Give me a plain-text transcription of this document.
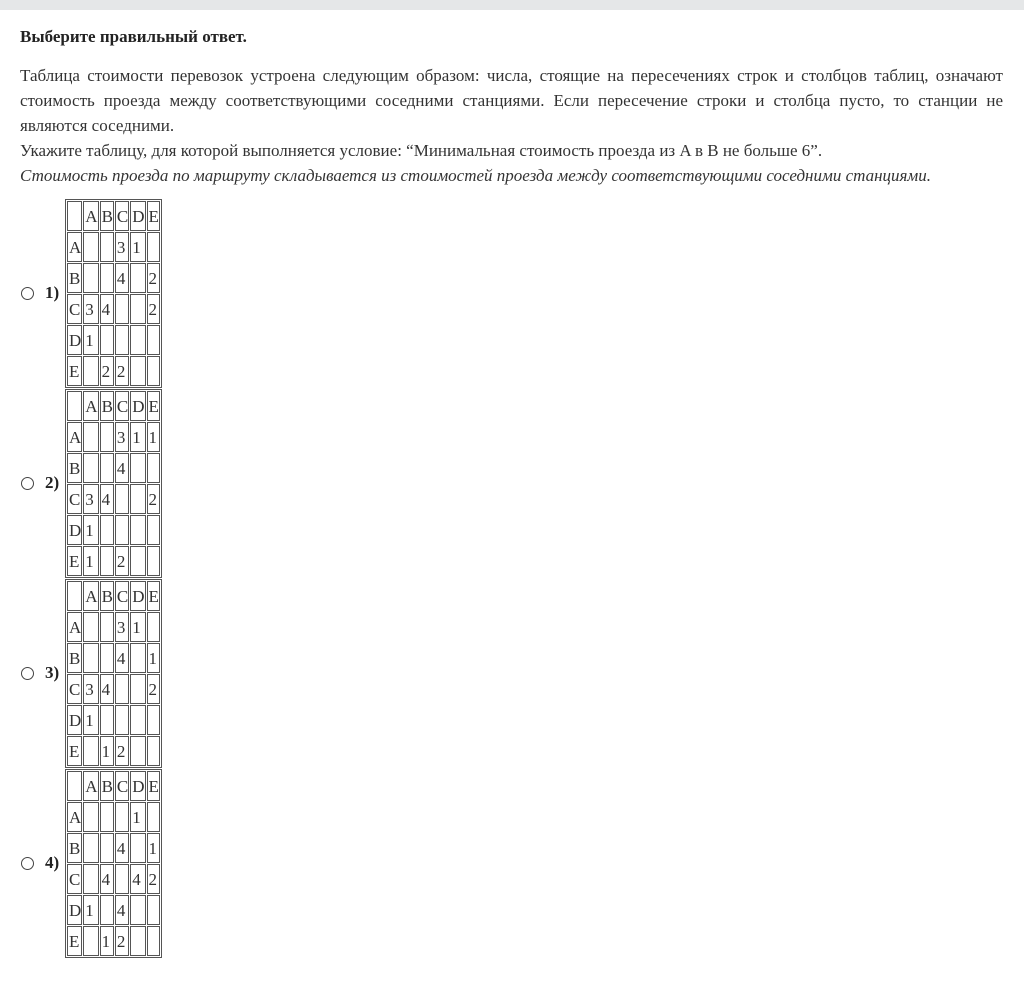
Выберите правильный ответ.

Таблица стоимости перевозок устроена следующим образом: числа, стоящие на пересечениях строк и столбцов таблиц, означают стоимость проезда между соответствующими соседними станциями. Если пересечение строки и столбца пусто, то станции не являются соседними.
Укажите таблицу, для которой выполняется условие: “Минимальная стоимость проезда из A в B не больше 6”.
Стоимость проезда по маршруту складывается из стоимостей проезда между соответствующими соседними станциями.
1)
	A	B	C	D	E
A			3	1	
B			4		2
C	3	4			2
D	1				
E		2	2		
2)
	A	B	C	D	E
A			3	1	1
B			4		
C	3	4			2
D	1				
E	1		2		
3)
	A	B	C	D	E
A			3	1	
B			4		1
C	3	4			2
D	1				
E		1	2		
4)
	A	B	C	D	E
A				1	
B			4		1
C		4		4	2
D	1		4		
E		1	2		
